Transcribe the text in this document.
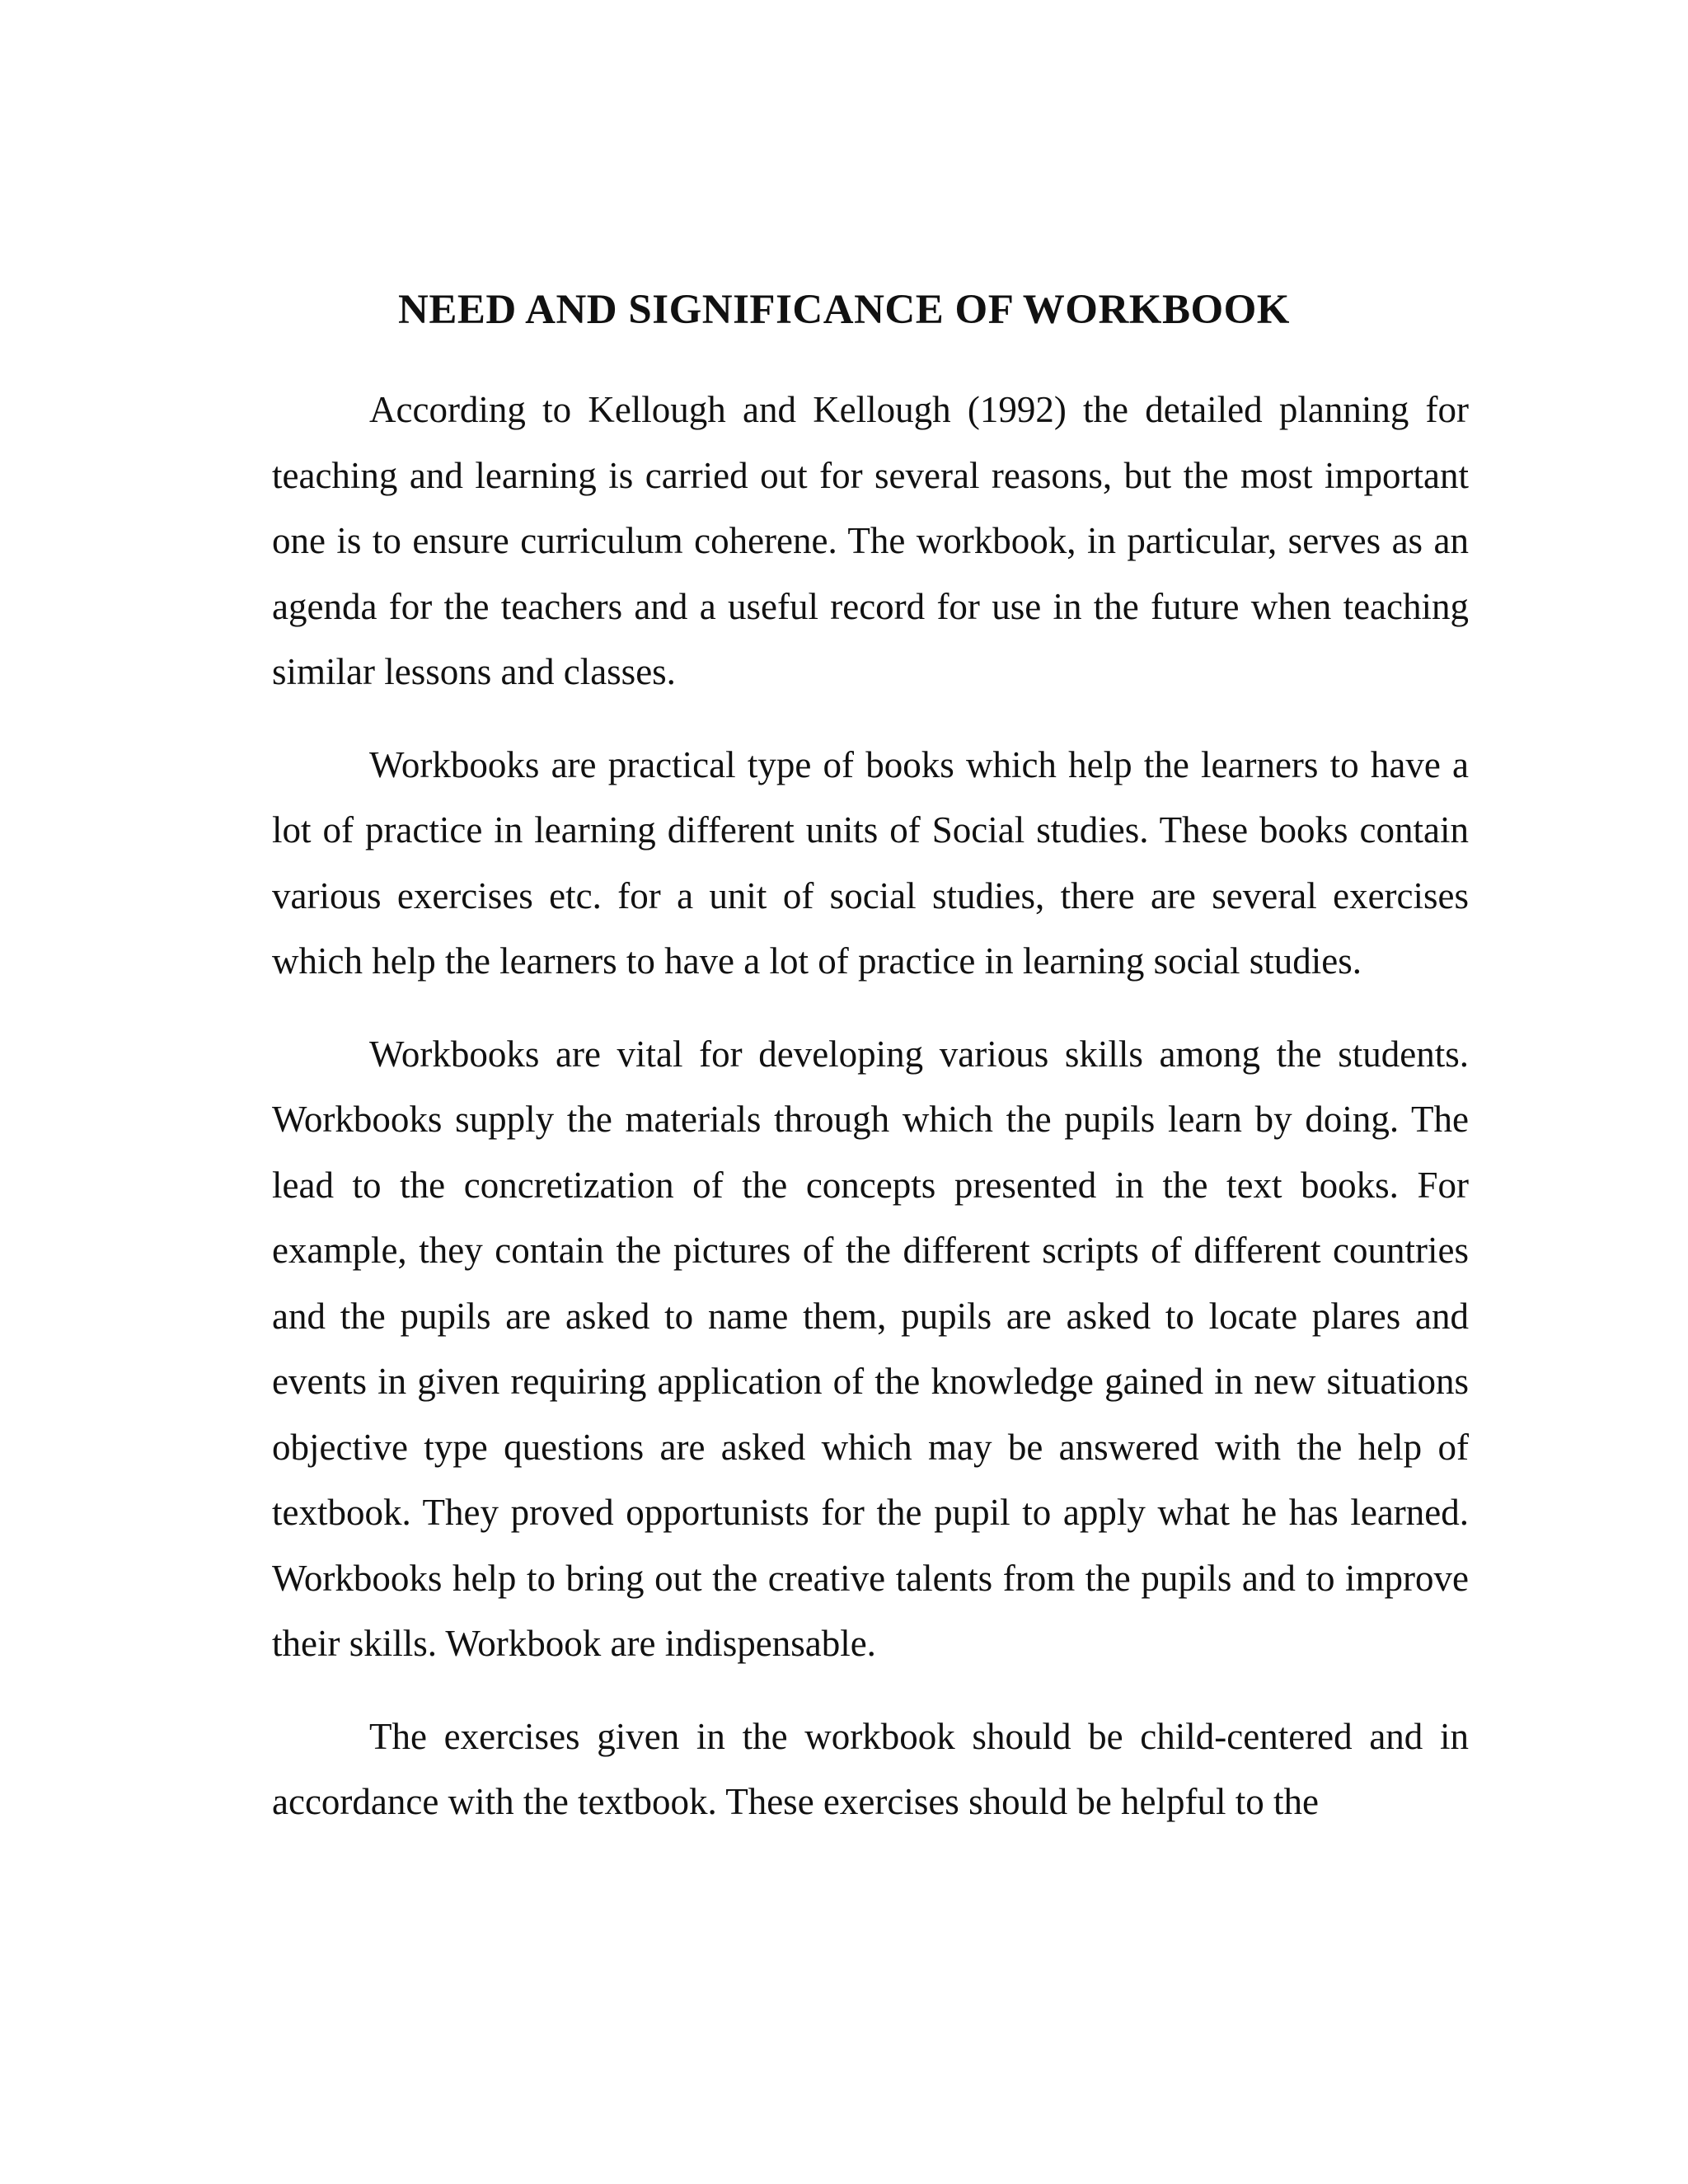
NEED AND SIGNIFICANCE OF WORKBOOK

According to Kellough and Kellough (1992) the detailed planning for teaching and learning is carried out for several reasons, but the most important one is to ensure curriculum coherene. The workbook, in particular, serves as an agenda for the teachers and a useful record for use in the future when teaching similar lessons and classes.

Workbooks are practical type of books which help the learners to have a lot of practice in learning different units of Social studies. These books contain various exercises etc. for a unit of social studies, there are several exercises which help the learners to have a lot of practice in learning social studies.

Workbooks are vital for developing various skills among the students. Workbooks supply the materials through which the pupils learn by doing. The lead to the concretization of the concepts presented in the text books. For example, they contain the pictures of the different scripts of different countries and the pupils are asked to name them, pupils are asked to locate plares and events in given requiring application of the knowledge gained in new situations objective type questions are asked which may be answered with the help of textbook. They proved opportunists for the pupil to apply what he has learned. Workbooks help to bring out the creative talents from the pupils and to improve their skills. Workbook are indispensable.

The exercises given in the workbook should be child-centered and in accordance with the textbook. These exercises should be helpful to the
